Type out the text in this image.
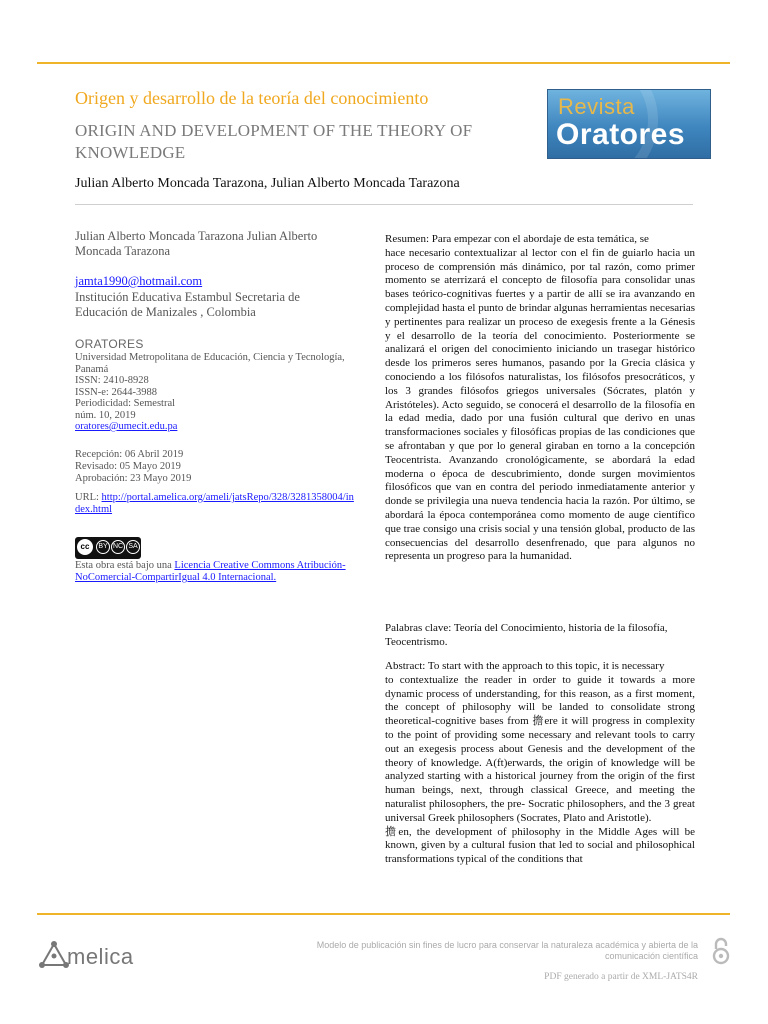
Origen y desarrollo de la teoría del conocimiento
ORIGIN AND DEVELOPMENT OF THE THEORY OF KNOWLEDGE
Julian Alberto Moncada Tarazona, Julian Alberto Moncada Tarazona
Revista
Oratores
Julian Alberto Moncada Tarazona Julian Alberto
Moncada Tarazona
jamta1990@hotmail.com
Institución Educativa Estambul Secretaria de Educación de Manizales , Colombia
ORATORES
Universidad Metropolitana de Educación, Ciencia y Tecnología,
Panamá
ISSN: 2410-8928
ISSN-e: 2644-3988
Periodicidad: Semestral
núm. 10, 2019
oratores@umecit.edu.pa
Recepción: 06 Abril 2019
Revisado: 05 Mayo 2019
Aprobación: 23 Mayo 2019
URL: http://portal.amelica.org/ameli/jatsRepo/328/3281358004/index.html
cc	BY NC SA
Esta obra está bajo una Licencia Creative Commons Atribución- NoComercial-CompartirIgual 4.0 Internacional.
Resumen: Para empezar con el abordaje de esta temática, se
hace necesario contextualizar al lector con el fin de guiarlo hacia un proceso de comprensión más dinámico, por tal razón, como primer momento se aterrizará el concepto de filosofía para consolidar unas bases teórico-cognitivas fuertes y a partir de allí se ira avanzando en complejidad hasta el punto de brindar algunas herramientas necesarias y pertinentes para realizar un proceso de exegesis frente a la Génesis y el desarrollo de la teoría del conocimiento. Posteriormente se analizará el origen del conocimiento iniciando un trasegar histórico desde los primeros seres humanos, pasando por la Grecia clásica y conociendo a los filósofos naturalistas, los filósofos presocráticos, y los 3 grandes filósofos griegos universales (Sócrates, platón y Aristóteles). Acto seguido, se conocerá el desarrollo de la filosofía en la edad media, dado por una fusión cultural que derivo en unas transformaciones sociales y filosóficas propias de las condiciones que se afrontaban y que por lo general giraban en torno a la concepción Teocentrista. Avanzando cronológicamente, se abordará la edad moderna o época de descubrimiento, donde surgen movimientos filosóficos que van en contra del periodo inmediatamente anterior y donde se privilegia una nueva tendencia hacia la razón. Por último, se abordará la época contemporánea como momento de auge científico que trae consigo una crisis social y una tensión global, producto de las consecuencias del desarrollo desenfrenado, que para algunos no representa un progreso para la humanidad.
Palabras clave: Teoría del Conocimiento, historia de la filosofía,
Teocentrismo.
Abstract: To start with the approach to this topic, it is necessary
to contextualize the reader in order to guide it towards a more dynamic process of understanding, for this reason, as a first moment, the concept of philosophy will be landed to consolidate strong theoretical-cognitive bases from 擔ere it will progress in complexity to the point of providing some necessary and relevant tools to carry out an exegesis process about Genesis and the development of the theory of knowledge. A(ft)erwards, the origin of knowledge will be analyzed starting with a historical journey from the origin of the first human beings, next, through classical Greece, and meeting the naturalist philosophers, the pre- Socratic philosophers, and the 3 great universal Greek philosophers (Socrates, Plato and Aristotle).
擔en, the development of philosophy in the Middle Ages will be known, given by a cultural fusion that led to social and philosophical transformations typical of the conditions that
melica	Modelo de publicación sin fines de lucro para conservar la naturaleza académica y abierta de la comunicación científica
PDF generado a partir de XML-JATS4R
